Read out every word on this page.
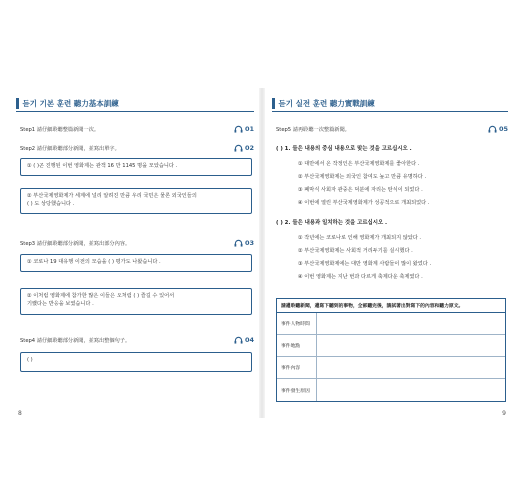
듣기 기본 훈련 聽力基本訓練
Step1 請仔細聆聽整篇新聞一次。	01
Step2 請仔細聆聽部分新聞，並寫出單字。	02
① ( )곤 진행된 이번 영화제는 관객 16 만 1145 명을 모았습니다 .
② 부산국제영화제가 세계에 널리 알려진 만큼 우리 국민은 물론 외국인들의
( ) 도 상당했습니다 .
Step3 請仔細聆聽部分新聞，並寫出部分內容。	03
① 코로나 19 대유행 이전의 모습을 ( ) 평가도 나왔습니다 .
② 이처럼 영화제에 참가한 많은 이들은 오처럼 ( ) 즐길 수 있어서
기뻤다는 반응을 보였습니다 .
Step4 請仔細聆聽部分新聞，並寫出整個句子。	04
( )
8
듣기 실전 훈련 聽力實戰訓練
Step5 請再聆聽一次整篇新聞。	05
( ) 1. 들은 내용의 중심 내용으로 맞는 것을 고르십시오 .
① 대만에서 온 작정인은 부산국제영화제를 좋아한다 .
② 부산국제영화제는 외국인 참여도 높고 만큼 유명하다 .
③ 폐막식 사회자 관중은 덕분에 자리는 탄식이 되었다 .
④ 이번에 열린 부산국제영화제가 성공적으로 개최되었다 .
( ) 2. 들은 내용과 일치하는 것을 고르십시오 .
① 작년에는 코로나로 인해 영화제가 개최되지 않았다 .
② 부산국제영화제는 사회적 거리두기를 실시했다 .
③ 부산국제영화제에는 대만 영화계 사람들이 많이 왔었다 .
④ 이번 영화제는 지난 번과 다르게 축제다운 축제였다 .
請邊聆聽新聞，邊寫下聽到的事物，全部聽完後，請試著出對寫下的內容和聽力原文。
事件人物時間
事件地點
事件內容
事件發生原因
9
